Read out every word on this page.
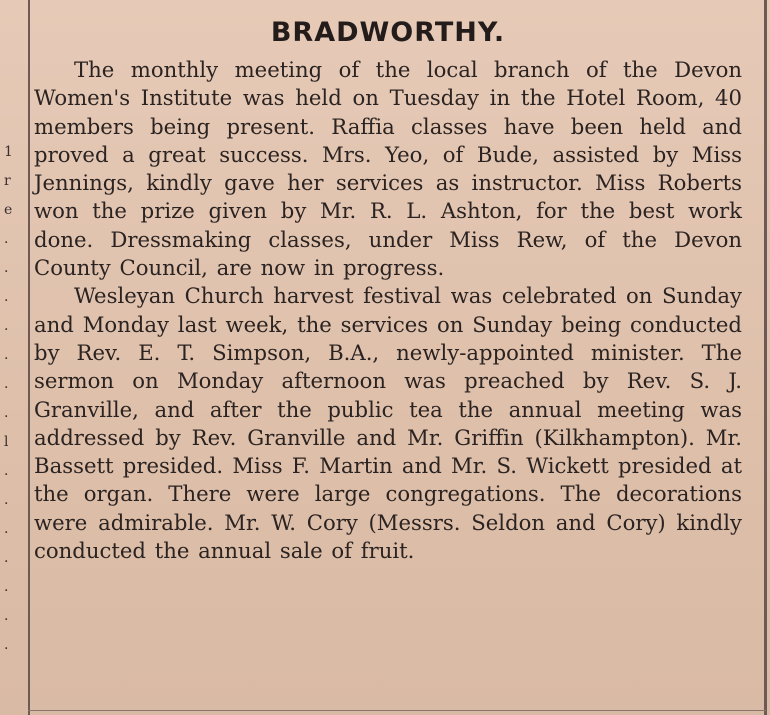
1
r
e
.
.
.
.
.
.
.
l
.
.
.
.
.
.
.
BRADWORTHY.

The monthly meeting of the local branch of the Devon Women's Institute was held on Tuesday in the Hotel Room, 40 members being present. Raffia classes have been held and proved a great success. Mrs. Yeo, of Bude, assisted by Miss Jennings, kindly gave her services as instructor. Miss Roberts won the prize given by Mr. R. L. Ashton, for the best work done. Dressmaking classes, under Miss Rew, of the Devon County Council, are now in progress.

Wesleyan Church harvest festival was celebrated on Sunday and Monday last week, the services on Sunday being conducted by Rev. E. T. Simpson, B.A., newly-appointed minister. The sermon on Monday afternoon was preached by Rev. S. J. Granville, and after the public tea the annual meeting was addressed by Rev. Granville and Mr. Griffin (Kilkhampton). Mr. Bassett presided. Miss F. Martin and Mr. S. Wickett presided at the organ. There were large congregations. The decorations were admirable. Mr. W. Cory (Messrs. Seldon and Cory) kindly conducted the annual sale of fruit.
